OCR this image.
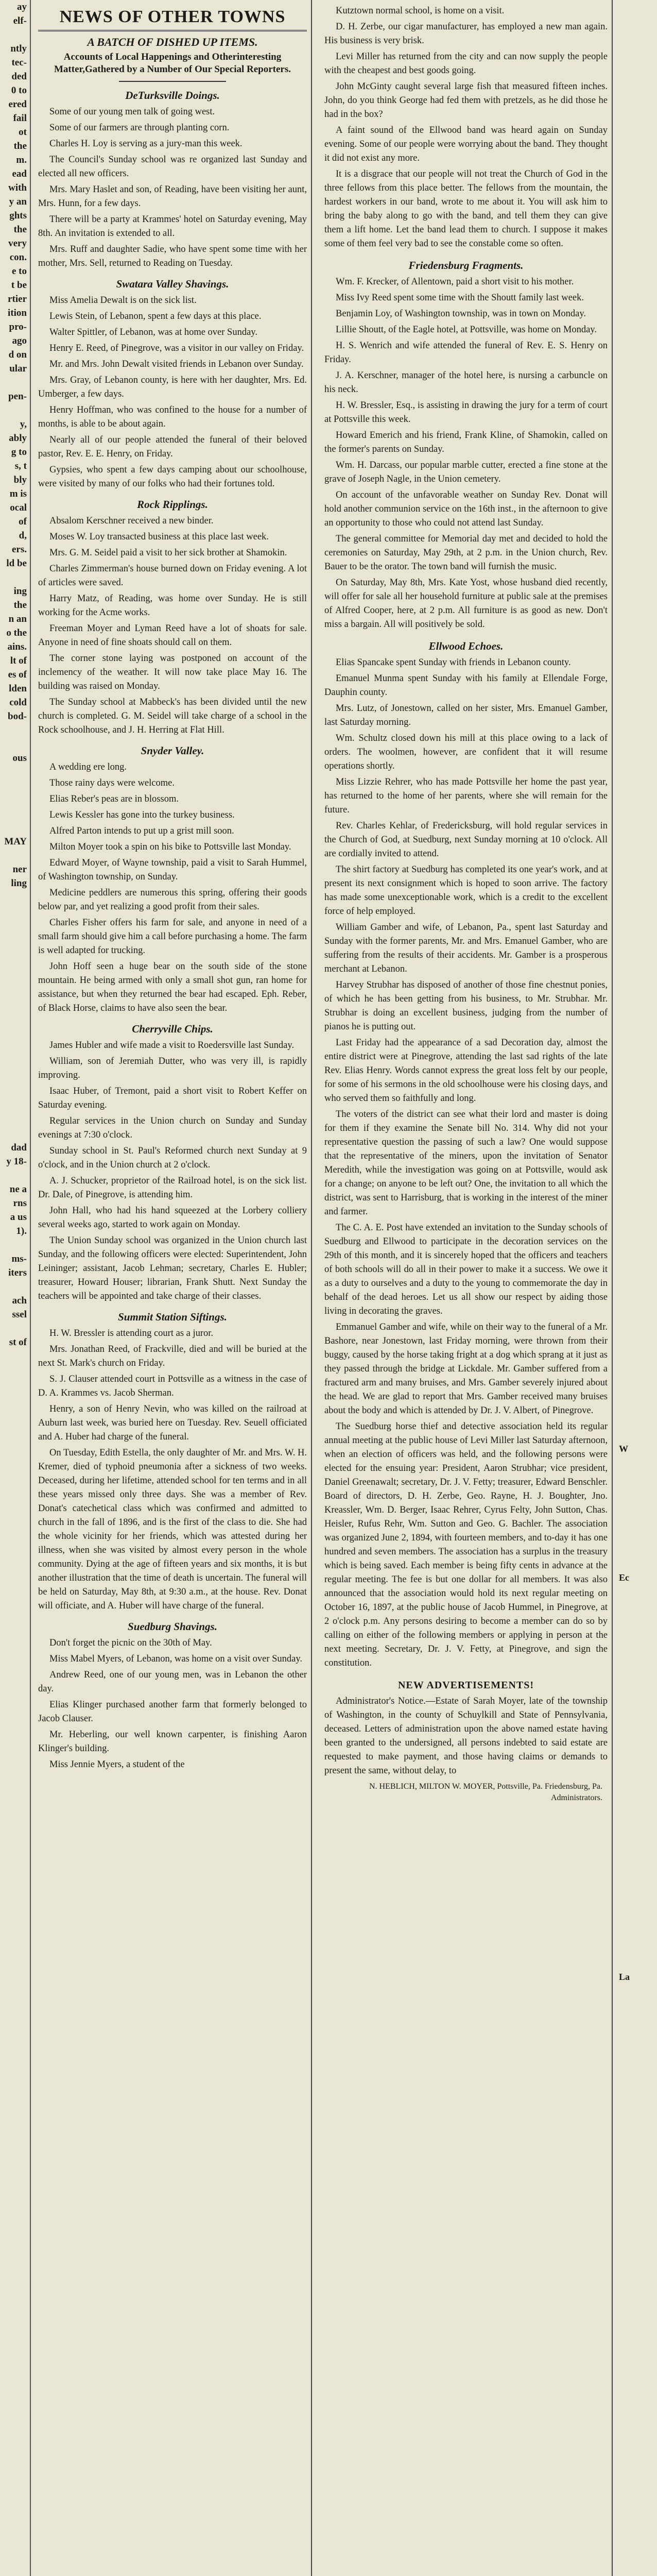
ay
elf-

ntly
tec-
ded
0 to
ered
fail
ot
the
m.
ead
with
y an
ghts
the
very
con.
e to
t be
rtier
ition
pro-
ago
d on
ular

pen-

y,
ably
g to
s, t
bly
m is
ocal
of
d,
ers.
ld be

ing
the
n an
o the
ains.
lt of
es of
lden
cold
bod-

ous

MAY

ner
ling

dad
y 18-

ne a
rns
a us
1).

ms-
iters

ach
ssel

st of

NEWS OF OTHER TOWNS
A BATCH OF DISHED UP ITEMS.
Accounts of Local Happenings and Otherinteresting Matter,Gathered by a Number of Our Special Reporters.
DeTurksville Doings.

Some of our young men talk of going west.

Some of our farmers are through planting corn.

Charles H. Loy is serving as a jury-man this week.

The Council's Sunday school was re organized last Sunday and elected all new officers.

Mrs. Mary Haslet and son, of Reading, have been visiting her aunt, Mrs. Hunn, for a few days.

There will be a party at Krammes' hotel on Saturday evening, May 8th. An invitation is extended to all.

Mrs. Ruff and daughter Sadie, who have spent some time with her mother, Mrs. Sell, returned to Reading on Tuesday.

Swatara Valley Shavings.

Miss Amelia Dewalt is on the sick list.

Lewis Stein, of Lebanon, spent a few days at this place.

Walter Spittler, of Lebanon, was at home over Sunday.

Henry E. Reed, of Pinegrove, was a visitor in our valley on Friday.

Mr. and Mrs. John Dewalt visited friends in Lebanon over Sunday.

Mrs. Gray, of Lebanon county, is here with her daughter, Mrs. Ed. Umberger, a few days.

Henry Hoffman, who was confined to the house for a number of months, is able to be about again.

Nearly all of our people attended the funeral of their beloved pastor, Rev. E. E. Henry, on Friday.

Gypsies, who spent a few days camping about our schoolhouse, were visited by many of our folks who had their fortunes told.

Rock Ripplings.

Absalom Kerschner received a new binder.

Moses W. Loy transacted business at this place last week.

Mrs. G. M. Seidel paid a visit to her sick brother at Shamokin.

Charles Zimmerman's house burned down on Friday evening. A lot of articles were saved.

Harry Matz, of Reading, was home over Sunday. He is still working for the Acme works.

Freeman Moyer and Lyman Reed have a lot of shoats for sale. Anyone in need of fine shoats should call on them.

The corner stone laying was postponed on account of the inclemency of the weather. It will now take place May 16. The building was raised on Monday.

The Sunday school at Mabbeck's has been divided until the new church is completed. G. M. Seidel will take charge of a school in the Rock schoolhouse, and J. H. Herring at Flat Hill.

Snyder Valley.

A wedding ere long.

Those rainy days were welcome.

Elias Reber's peas are in blossom.

Lewis Kessler has gone into the turkey business.

Alfred Parton intends to put up a grist mill soon.

Milton Moyer took a spin on his bike to Pottsville last Monday.

Edward Moyer, of Wayne township, paid a visit to Sarah Hummel, of Washington township, on Sunday.

Medicine peddlers are numerous this spring, offering their goods below par, and yet realizing a good profit from their sales.

Charles Fisher offers his farm for sale, and anyone in need of a small farm should give him a call before purchasing a home. The farm is well adapted for trucking.

John Hoff seen a huge bear on the south side of the stone mountain. He being armed with only a small shot gun, ran home for assistance, but when they returned the bear had escaped. Eph. Reber, of Black Horse, claims to have also seen the bear.

Cherryville Chips.

James Hubler and wife made a visit to Roedersville last Sunday.

William, son of Jeremiah Dutter, who was very ill, is rapidly improving.

Isaac Huber, of Tremont, paid a short visit to Robert Keffer on Saturday evening.

Regular services in the Union church on Sunday and Sunday evenings at 7:30 o'clock.

Sunday school in St. Paul's Reformed church next Sunday at 9 o'clock, and in the Union church at 2 o'clock.

A. J. Schucker, proprietor of the Railroad hotel, is on the sick list. Dr. Dale, of Pinegrove, is attending him.

John Hall, who had his hand squeezed at the Lorbery colliery several weeks ago, started to work again on Monday.

The Union Sunday school was organized in the Union church last Sunday, and the following officers were elected: Superintendent, John Leininger; assistant, Jacob Lehman; secretary, Charles E. Hubler; treasurer, Howard Houser; librarian, Frank Shutt. Next Sunday the teachers will be appointed and take charge of their classes.

Summit Station Siftings.

H. W. Bressler is attending court as a juror.

Mrs. Jonathan Reed, of Frackville, died and will be buried at the next St. Mark's church on Friday.

S. J. Clauser attended court in Pottsville as a witness in the case of D. A. Krammes vs. Jacob Sherman.

Henry, a son of Henry Nevin, who was killed on the railroad at Auburn last week, was buried here on Tuesday. Rev. Seuell officiated and A. Huber had charge of the funeral.

On Tuesday, Edith Estella, the only daughter of Mr. and Mrs. W. H. Kremer, died of typhoid pneumonia after a sickness of two weeks. Deceased, during her lifetime, attended school for ten terms and in all these years missed only three days. She was a member of Rev. Donat's catechetical class which was confirmed and admitted to church in the fall of 1896, and is the first of the class to die. She had the whole vicinity for her friends, which was attested during her illness, when she was visited by almost every person in the whole community. Dying at the age of fifteen years and six months, it is but another illustration that the time of death is uncertain. The funeral will be held on Saturday, May 8th, at 9:30 a.m., at the house. Rev. Donat will officiate, and A. Huber will have charge of the funeral.

Suedburg Shavings.

Don't forget the picnic on the 30th of May.

Miss Mabel Myers, of Lebanon, was home on a visit over Sunday.

Andrew Reed, one of our young men, was in Lebanon the other day.

Elias Klinger purchased another farm that formerly belonged to Jacob Clauser.

Mr. Heberling, our well known carpenter, is finishing Aaron Klinger's building.

Miss Jennie Myers, a student of the

Kutztown normal school, is home on a visit.

D. H. Zerbe, our cigar manufacturer, has employed a new man again. His business is very brisk.

Levi Miller has returned from the city and can now supply the people with the cheapest and best goods going.

John McGinty caught several large fish that measured fifteen inches. John, do you think George had fed them with pretzels, as he did those he had in the box?

A faint sound of the Ellwood band was heard again on Sunday evening. Some of our people were worrying about the band. They thought it did not exist any more.

It is a disgrace that our people will not treat the Church of God in the three fellows from this place better. The fellows from the mountain, the hardest workers in our band, wrote to me about it. You will ask him to bring the baby along to go with the band, and tell them they can give them a lift home. Let the band lead them to church. I suppose it makes some of them feel very bad to see the constable come so often.

Friedensburg Fragments.

Wm. F. Krecker, of Allentown, paid a short visit to his mother.

Miss Ivy Reed spent some time with the Shoutt family last week.

Benjamin Loy, of Washington township, was in town on Monday.

Lillie Shoutt, of the Eagle hotel, at Pottsville, was home on Monday.

H. S. Wenrich and wife attended the funeral of Rev. E. S. Henry on Friday.

J. A. Kerschner, manager of the hotel here, is nursing a carbuncle on his neck.

H. W. Bressler, Esq., is assisting in drawing the jury for a term of court at Pottsville this week.

Howard Emerich and his friend, Frank Kline, of Shamokin, called on the former's parents on Sunday.

Wm. H. Darcass, our popular marble cutter, erected a fine stone at the grave of Joseph Nagle, in the Union cemetery.

On account of the unfavorable weather on Sunday Rev. Donat will hold another communion service on the 16th inst., in the afternoon to give an opportunity to those who could not attend last Sunday.

The general committee for Memorial day met and decided to hold the ceremonies on Saturday, May 29th, at 2 p.m. in the Union church, Rev. Bauer to be the orator. The town band will furnish the music.

On Saturday, May 8th, Mrs. Kate Yost, whose husband died recently, will offer for sale all her household furniture at public sale at the premises of Alfred Cooper, here, at 2 p.m. All furniture is as good as new. Don't miss a bargain. All will positively be sold.

Ellwood Echoes.

Elias Spancake spent Sunday with friends in Lebanon county.

Emanuel Munma spent Sunday with his family at Ellendale Forge, Dauphin county.

Mrs. Lutz, of Jonestown, called on her sister, Mrs. Emanuel Gamber, last Saturday morning.

Wm. Schultz closed down his mill at this place owing to a lack of orders. The woolmen, however, are confident that it will resume operations shortly.

Miss Lizzie Rehrer, who has made Pottsville her home the past year, has returned to the home of her parents, where she will remain for the future.

Rev. Charles Kehlar, of Fredericksburg, will hold regular services in the Church of God, at Suedburg, next Sunday morning at 10 o'clock. All are cordially invited to attend.

The shirt factory at Suedburg has completed its one year's work, and at present its next consignment which is hoped to soon arrive. The factory has made some unexceptionable work, which is a credit to the excellent force of help employed.

William Gamber and wife, of Lebanon, Pa., spent last Saturday and Sunday with the former parents, Mr. and Mrs. Emanuel Gamber, who are suffering from the results of their accidents. Mr. Gamber is a prosperous merchant at Lebanon.

Harvey Strubhar has disposed of another of those fine chestnut ponies, of which he has been getting from his business, to Mr. Strubhar. Mr. Strubhar is doing an excellent business, judging from the number of pianos he is putting out.

Last Friday had the appearance of a sad Decoration day, almost the entire district were at Pinegrove, attending the last sad rights of the late Rev. Elias Henry. Words cannot express the great loss felt by our people, for some of his sermons in the old schoolhouse were his closing days, and who served them so faithfully and long.

The voters of the district can see what their lord and master is doing for them if they examine the Senate bill No. 314. Why did not your representative question the passing of such a law? One would suppose that the representative of the miners, upon the invitation of Senator Meredith, while the investigation was going on at Pottsville, would ask for a change; on anyone to be left out? One, the invitation to all which the district, was sent to Harrisburg, that is working in the interest of the miner and farmer.

The C. A. E. Post have extended an invitation to the Sunday schools of Suedburg and Ellwood to participate in the decoration services on the 29th of this month, and it is sincerely hoped that the officers and teachers of both schools will do all in their power to make it a success. We owe it as a duty to ourselves and a duty to the young to commemorate the day in behalf of the dead heroes. Let us all show our respect by aiding those living in decorating the graves.

Emmanuel Gamber and wife, while on their way to the funeral of a Mr. Bashore, near Jonestown, last Friday morning, were thrown from their buggy, caused by the horse taking fright at a dog which sprang at it just as they passed through the bridge at Lickdale. Mr. Gamber suffered from a fractured arm and many bruises, and Mrs. Gamber severely injured about the head. We are glad to report that Mrs. Gamber received many bruises about the body and which is attended by Dr. J. V. Albert, of Pinegrove.

The Suedburg horse thief and detective association held its regular annual meeting at the public house of Levi Miller last Saturday afternoon, when an election of officers was held, and the following persons were elected for the ensuing year: President, Aaron Strubhar; vice president, Daniel Greenawalt; secretary, Dr. J. V. Fetty; treasurer, Edward Benschler. Board of directors, D. H. Zerbe, Geo. Rayne, H. J. Boughter, Jno. Kreassler, Wm. D. Berger, Isaac Rehrer, Cyrus Felty, John Sutton, Chas. Heisler, Rufus Rehr, Wm. Sutton and Geo. G. Bachler. The association was organized June 2, 1894, with fourteen members, and to-day it has one hundred and seven members. The association has a surplus in the treasury which is being saved. Each member is being fifty cents in advance at the regular meeting. The fee is but one dollar for all members. It was also announced that the association would hold its next regular meeting on October 16, 1897, at the public house of Jacob Hummel, in Pinegrove, at 2 o'clock p.m. Any persons desiring to become a member can do so by calling on either of the following members or applying in person at the next meeting. Secretary, Dr. J. V. Fetty, at Pinegrove, and sign the constitution.

NEW ADVERTISEMENTS!

Administrator's Notice.—Estate of Sarah Moyer, late of the township of Washington, in the county of Schuylkill and State of Pennsylvania, deceased. Letters of administration upon the above named estate having been granted to the undersigned, all persons indebted to said estate are requested to make payment, and those having claims or demands to present the same, without delay, to

N. HEBLICH, MILTON W. MOYER, Pottsville, Pa. Friedensburg, Pa. Administrators.

W

Ec

La
